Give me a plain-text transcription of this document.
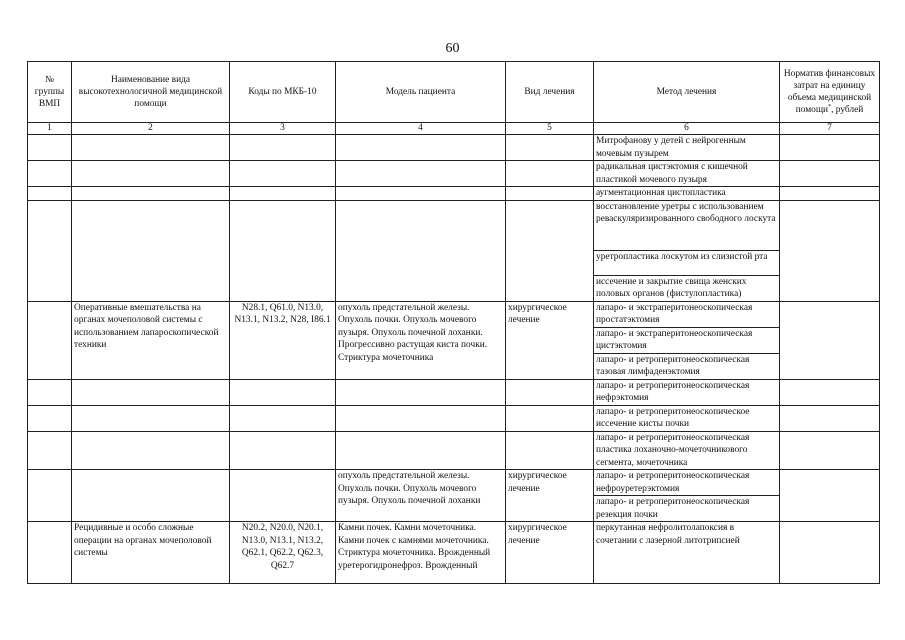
60
№ группы ВМП	Наименование вида высокотехнологичной медицинской помощи	Коды по МКБ-10	Модель пациента	Вид лечения	Метод лечения	Норматив финансовых затрат на единицу объема медицинской помощи*, рублей
1	2	3	4	5	6	7
					Митрофанову у детей с нейрогенным мочевым пузырем	
					радикальная цистэктомия с кишечной пластикой мочевого пузыря	
					аугментационная цистопластика	
					восстановление уретры с использованием реваскуляризированного свободного лоскута	
					уретропластика лоскутом из слизистой рта	
					иссечение и закрытие свища женских половых органов (фистулопластика)	
	Оперативные вмешательства на органах мочеполовой системы с использованием лапароскопической техники	N28.1, Q61.0, N13.0, N13.1, N13.2, N28, I86.1	опухоль предстательной железы. Опухоль почки. Опухоль мочевого пузыря. Опухоль почечной лоханки. Прогрессивно растущая киста почки. Стриктура мочеточника	хирургическое лечение	лапаро- и экстраперитонеоскопическая простатэктомия	
					лапаро- и экстраперитонеоскопическая цистэктомия	
					лапаро- и ретроперитонеоскопическая тазовая лимфаденэктомия	
					лапаро- и ретроперитонеоскопическая нефрэктомия	
					лапаро- и ретроперитонеоскопическое иссечение кисты почки	
					лапаро- и ретроперитонеоскопическая пластика лоханочно-мочеточникового сегмента, мочеточника	
			опухоль предстательной железы. Опухоль почки. Опухоль мочевого пузыря. Опухоль почечной лоханки	хирургическое лечение	лапаро- и ретроперитонеоскопическая нефроуретерэктомия	
					лапаро- и ретроперитонеоскопическая резекция почки	
	Рецидивные и особо сложные операции на органах мочеполовой системы	N20.2, N20.0, N20.1, N13.0, N13.1, N13.2, Q62.1, Q62.2, Q62.3, Q62.7	Камни почек. Камни мочеточника. Камни почек с камнями мочеточника. Стриктура мочеточника. Врожденный уретерогидронефроз. Врожденный	хирургическое лечение	перкутанная нефролитолапоксия в сочетании с лазерной литотрипсией	
